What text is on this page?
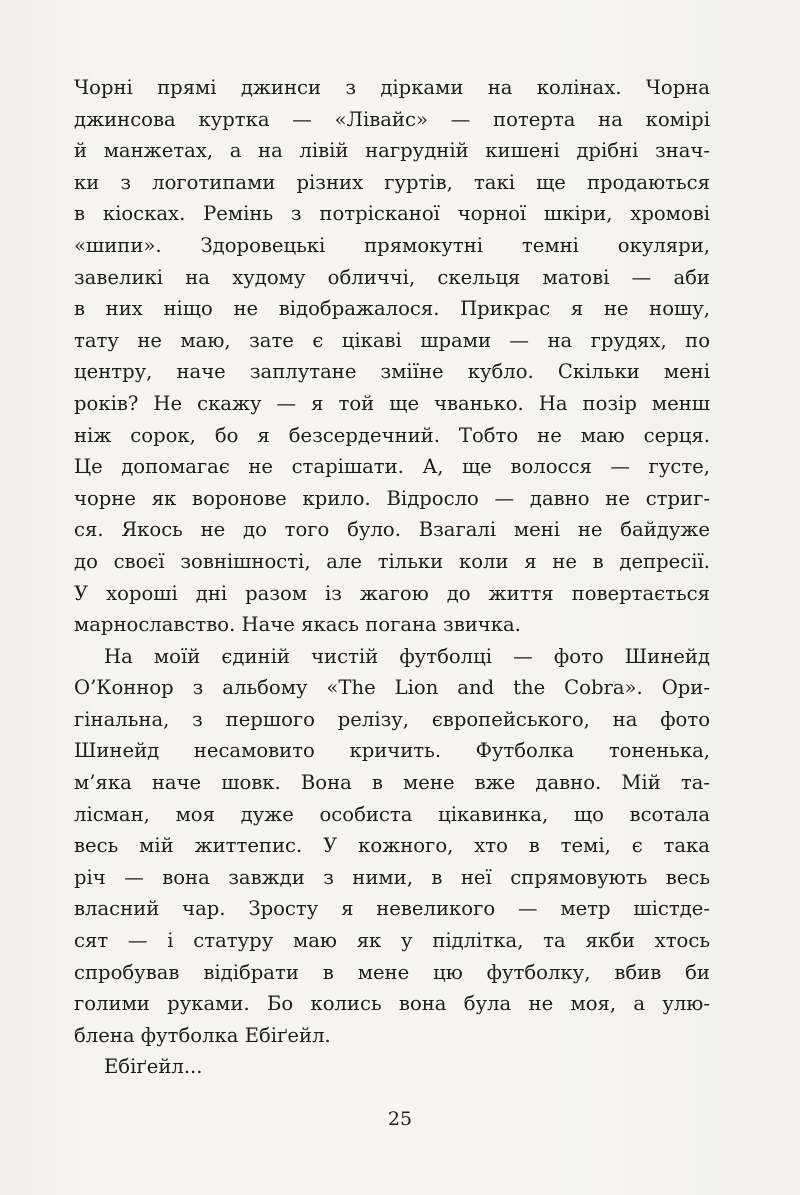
Чорні прямі джинси з дірками на колінах. Чорна
джинсова куртка — «Лівайс» — потерта на комірі
й манжетах, а на лівій нагрудній кишені дрібні знач-
ки з логотипами різних гуртів, такі ще продаються
в кіосках. Ремінь з потрісканої чорної шкіри, хромові
«шипи». Здоровецькі прямокутні темні окуляри,
завеликі на худому обличчі, скельця матові — аби
в них ніщо не відображалося. Прикрас я не ношу,
тату не маю, зате є цікаві шрами — на грудях, по
центру, наче заплутане зміїне кубло. Скільки мені
років? Не скажу — я той ще чванько. На позір менш
ніж сорок, бо я безсердечний. Тобто не маю серця.
Це допомагає не старішати. А, ще волосся — густе,
чорне як воронове крило. Відросло — давно не стриг-
ся. Якось не до того було. Взагалі мені не байдуже
до своєї зовнішності, але тільки коли я не в депресії.
У хороші дні разом із жагою до життя повертається
марнославство. Наче якась погана звичка.
На моїй єдиній чистій футболці — фото Шинейд
О’Коннор з альбому «The Lion and the Cobra». Ори-
гінальна, з першого релізу, європейського, на фото
Шинейд несамовито кричить. Футболка тоненька,
м’яка наче шовк. Вона в мене вже давно. Мій та-
лісман, моя дуже особиста цікавинка, що всотала
весь мій життепис. У кожного, хто в темі, є така
річ — вона завжди з ними, в неї спрямовують весь
власний чар. Зросту я невеликого — метр шістде-
сят — і статуру маю як у підлітка, та якби хтось
спробував відібрати в мене цю футболку, вбив би
голими руками. Бо колись вона була не моя, а улю-
блена футболка Ебіґейл.
Ебіґейл...
25
